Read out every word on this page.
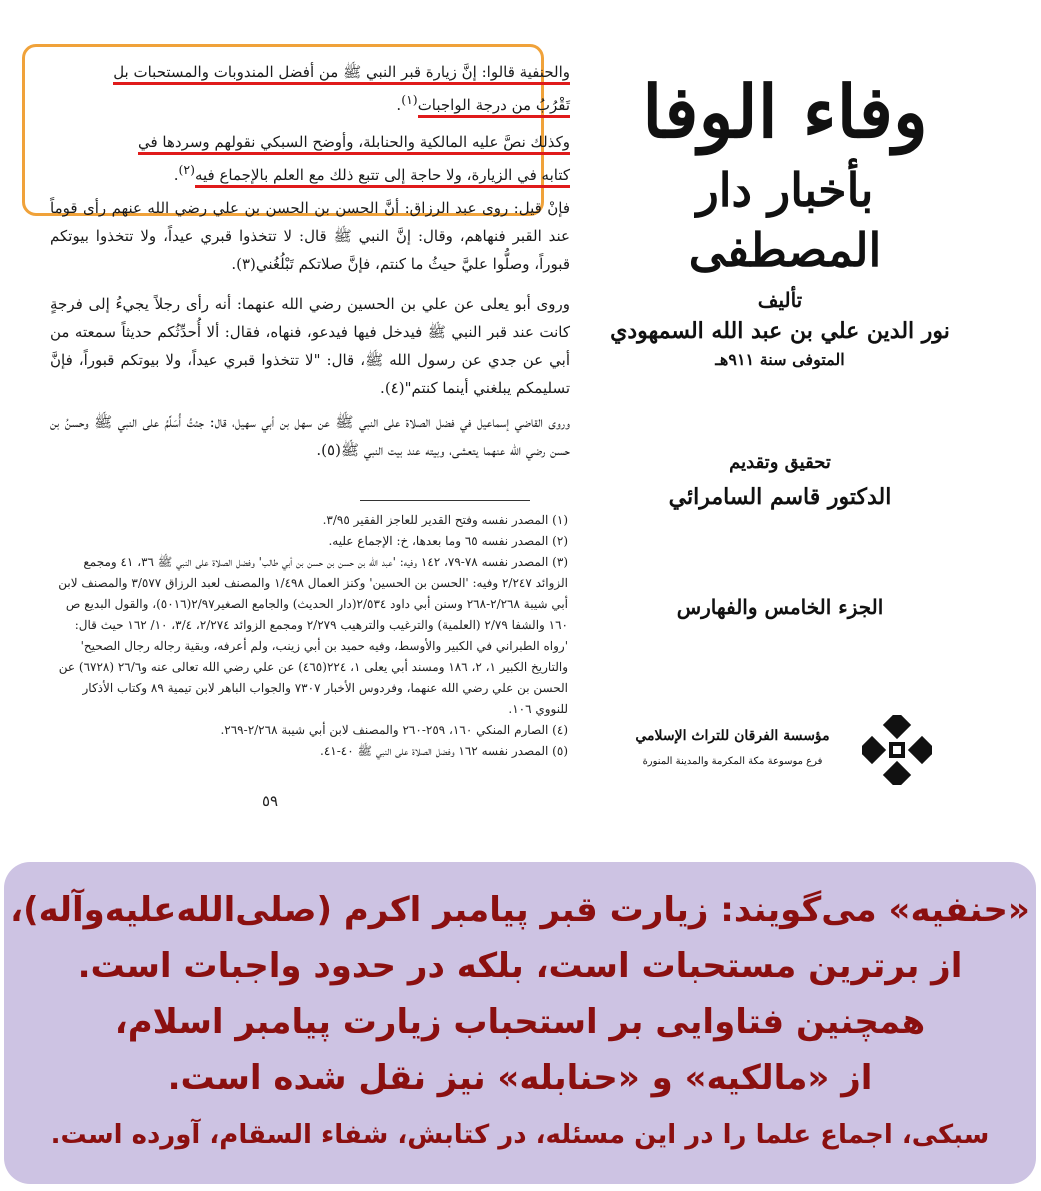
والحنفية قالوا: إنَّ زيارة قبر النبي ﷺ من أفضل المندوبات والمستحبات بل
تَقْرُبُ من درجة الواجبات$^{(١)}$.
وكذلك نصَّ عليه المالكية والحنابلة، وأوضح السبكي نقولهم وسردها في
كتابه في الزيارة، ولا حاجة إلى تتبع ذلك مع العلم بالإجماع فيه$^{(٢)}$.
فإنْ قيل: روى عبد الرزاق: أنَّ الحسن بن الحسن بن علي رضي الله عنهم رأى قوماً عند القبر فنهاهم، وقال: إنَّ النبي ﷺ قال: لا تتخذوا قبري عيداً، ولا تتخذوا بيوتكم قبوراً، وصلُّوا عليَّ حيثُ ما كنتم، فإنَّ صلاتكم تَبْلُغُني(٣).
وروى أبو يعلى عن علي بن الحسين رضي الله عنهما: أنه رأى رجلاً يجيءُ إلى فرجةٍ كانت عند قبر النبي ﷺ فيدخل فيها فيدعو، فنهاه، فقال: ألا أُحدِّثُكم حديثاً سمعته من أبي عن جدي عن رسول الله ﷺ، قال: "لا تتخذوا قبري عيداً، ولا بيوتكم قبوراً، فإنَّ تسليمكم يبلغني أينما كنتم"(٤).
وروى القاضي إسماعيل في فضل الصلاة على النبي ﷺ عن سهل بن أبي سهيل، قال: جئتُ أُسَلِّمُ على النبي ﷺ وحسنُ بن حسن رضي الله عنهما يتعشى، وبيته عند بيت النبي ﷺ(٥).

(١) المصدر نفسه وفتح القدير للعاجز الفقير ٣/٩٥.

(٢) المصدر نفسه ٦٥ وما بعدها، خ: الإجماع عليه.

(٣) المصدر نفسه ٧٨-٧٩، ١٤٢ وفيه: 'عبد الله بن حسن بن حسن بن أبي طالب' وفضل الصلاة على النبي ﷺ ٣٦، ٤١ ومجمع الزوائد ٢/٢٤٧ وفيه: 'الحسن بن الحسين' وكنز العمال ١/٤٩٨ والمصنف لعبد الرزاق ٣/٥٧٧ والمصنف لابن أبي شيبة ٢/٢٦٨-٢٦٨ وسنن أبي داود ٢/٥٣٤(دار الحديث) والجامع الصغير٢/٩٧(٥٠١٦)، والقول البديع ص ١٦٠ والشفا ٢/٧٩ (العلمية) والترغيب والترهيب ٢/٢٧٩ ومجمع الزوائد ٢/٢٧٤، ٣/٤، ١٠/ ١٦٢ حيث قال: 'رواه الطبراني في الكبير والأوسط، وفيه حميد بن أبي زينب، ولم أعرفه، وبقية رجاله رجال الصحيح' والتاريخ الكبير ١، ٢، ١٨٦ ومسند أبي يعلى ١، ٢٢٤(٤٦٥) عن علي رضي الله تعالى عنه و٢٦/٦ (٦٧٢٨) عن الحسن بن علي رضي الله عنهما، وفردوس الأخبار ٧٣٠٧ والجواب الباهر لابن تيمية ٨٩ وكتاب الأذكار للنووي ١٠٦.

(٤) الصارم المنكي ١٦٠، ٢٥٩-٢٦٠ والمصنف لابن أبي شيبة ٢/٢٦٨-٢٦٩.

(٥) المصدر نفسه ١٦٢ وفضل الصلاة على النبي ﷺ ٤٠-٤١.

٥٩
وفاء الوفا
بأخبار دار المصطفى
تأليف
نور الدين علي بن عبد الله السمهودي
المتوفى سنة ٩١١هـ
تحقيق وتقديم
الدكتور قاسم السامرائي
الجزء الخامس والفهارس
مؤسسة الفرقان للتراث الإسلامي
فرع موسوعة مكة المكرمة والمدينة المنورة
«حنفیه» می‌گویند: زیارت قبر پیامبر اکرم (صلی‌الله‌علیه‌وآله)،
از برترین مستحبات است، بلکه در حدود واجبات است.
همچنین فتاوایی بر استحباب زیارت پیامبر اسلام،
از «مالکیه» و «حنابله» نیز نقل شده است.
سبکی، اجماع علما را در این مسئله، در کتابش، شفاء السقام، آورده است.
